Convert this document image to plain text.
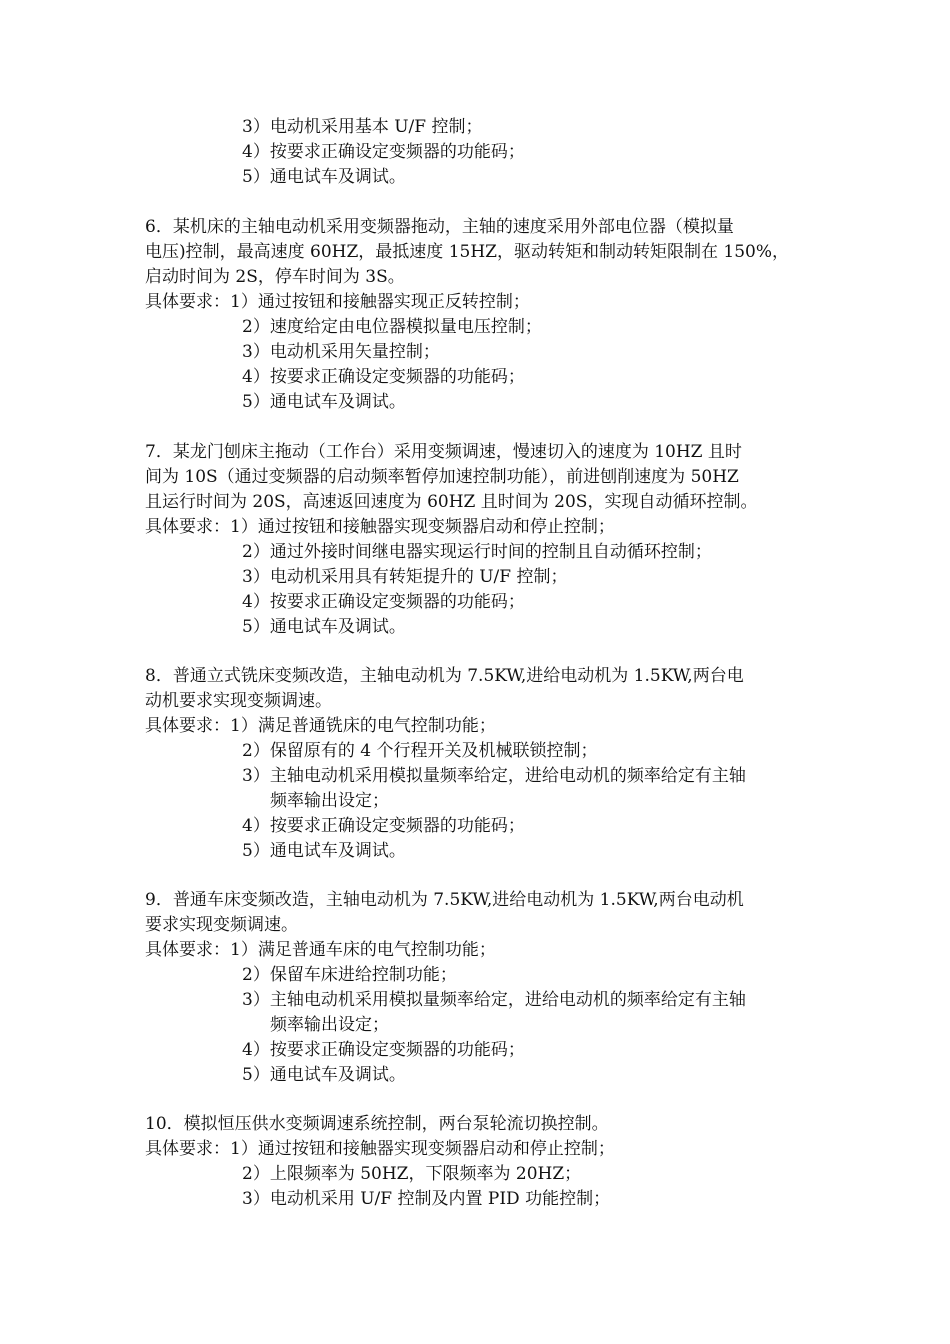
3）电动机采用基本 U/F 控制；
4）按要求正确设定变频器的功能码；
5）通电试车及调试。
6．某机床的主轴电动机采用变频器拖动，主轴的速度采用外部电位器（模拟量
电压)控制，最高速度 60HZ，最抵速度 15HZ，驱动转矩和制动转矩限制在 150%，
启动时间为 2S，停车时间为 3S。
具体要求：1）通过按钮和接触器实现正反转控制；
2）速度给定由电位器模拟量电压控制；
3）电动机采用矢量控制；
4）按要求正确设定变频器的功能码；
5）通电试车及调试。
7．某龙门刨床主拖动（工作台）采用变频调速，慢速切入的速度为 10HZ 且时
间为 10S（通过变频器的启动频率暂停加速控制功能），前进刨削速度为 50HZ
且运行时间为 20S，高速返回速度为 60HZ 且时间为 20S，实现自动循环控制。
具体要求：1）通过按钮和接触器实现变频器启动和停止控制；
2）通过外接时间继电器实现运行时间的控制且自动循环控制；
3）电动机采用具有转矩提升的 U/F 控制；
4）按要求正确设定变频器的功能码；
5）通电试车及调试。
8．普通立式铣床变频改造，主轴电动机为 7.5KW,进给电动机为 1.5KW,两台电
动机要求实现变频调速。
具体要求：1）满足普通铣床的电气控制功能；
2）保留原有的 4 个行程开关及机械联锁控制；
3）主轴电动机采用模拟量频率给定，进给电动机的频率给定有主轴
频率输出设定；
4）按要求正确设定变频器的功能码；
5）通电试车及调试。
9．普通车床变频改造，主轴电动机为 7.5KW,进给电动机为 1.5KW,两台电动机
要求实现变频调速。
具体要求：1）满足普通车床的电气控制功能；
2）保留车床进给控制功能；
3）主轴电动机采用模拟量频率给定，进给电动机的频率给定有主轴
频率输出设定；
4）按要求正确设定变频器的功能码；
5）通电试车及调试。
10．模拟恒压供水变频调速系统控制，两台泵轮流切换控制。
具体要求：1）通过按钮和接触器实现变频器启动和停止控制；
2）上限频率为 50HZ，下限频率为 20HZ；
3）电动机采用 U/F 控制及内置 PID 功能控制；
